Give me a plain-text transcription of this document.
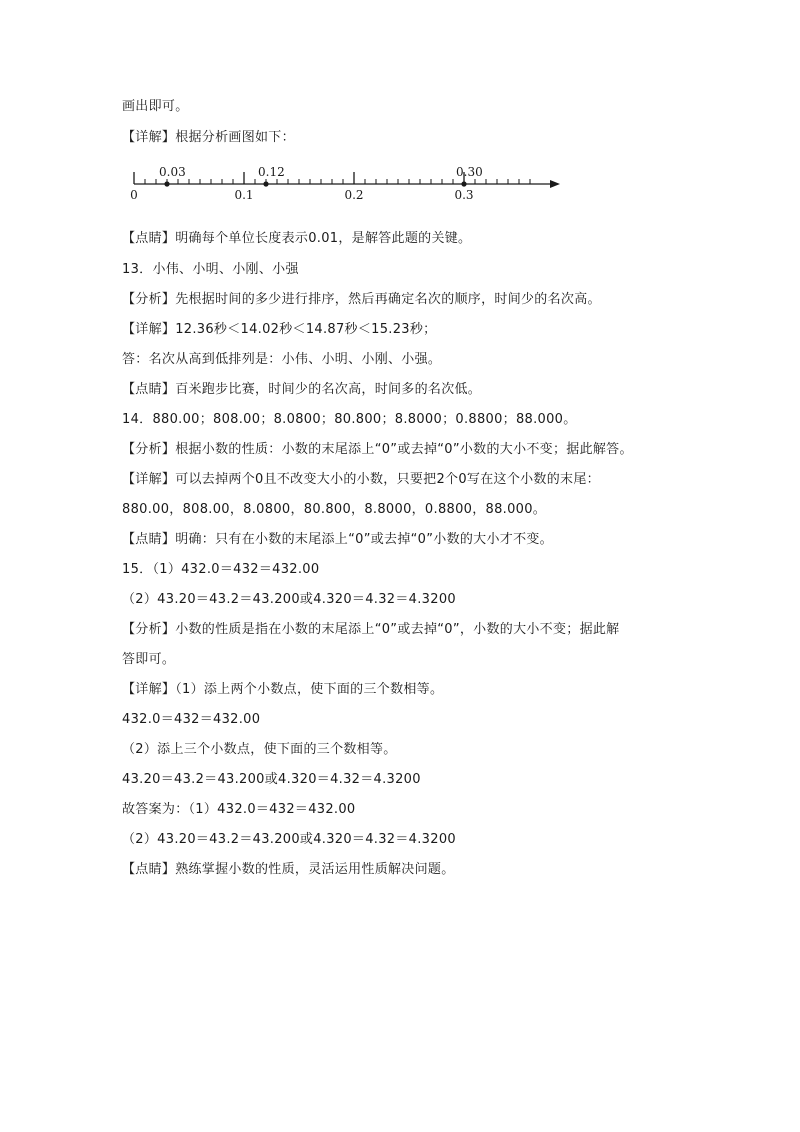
画出即可。
【详解】根据分析画图如下：
0	0.1	0.2	0.3
0.03	0.12	0.30
【点睛】明确每个单位长度表示0.01，是解答此题的关键。
13．小伟、小明、小刚、小强
【分析】先根据时间的多少进行排序，然后再确定名次的顺序，时间少的名次高。
【详解】12.36秒＜14.02秒＜14.87秒＜15.23秒；
答：名次从高到低排列是：小伟、小明、小刚、小强。
【点睛】百米跑步比赛，时间少的名次高，时间多的名次低。
14．880.00；808.00；8.0800；80.800；8.8000；0.8800；88.000。
【分析】根据小数的性质：小数的末尾添上“0”或去掉“0”小数的大小不变；据此解答。
【详解】可以去掉两个0且不改变大小的小数，只要把2个0写在这个小数的末尾：
880.00，808.00，8.0800，80.800，8.8000，0.8800，88.000。
【点睛】明确：只有在小数的末尾添上“0”或去掉“0”小数的大小才不变。
15．（1）432.0＝432＝432.00
（2）43.20＝43.2＝43.200或4.320＝4.32＝4.3200
【分析】小数的性质是指在小数的末尾添上“0”或去掉“0”，小数的大小不变；据此解
答即可。
【详解】（1）添上两个小数点，使下面的三个数相等。
432.0＝432＝432.00
（2）添上三个小数点，使下面的三个数相等。
43.20＝43.2＝43.200或4.320＝4.32＝4.3200
故答案为：（1）432.0＝432＝432.00
（2）43.20＝43.2＝43.200或4.320＝4.32＝4.3200
【点睛】熟练掌握小数的性质，灵活运用性质解决问题。
